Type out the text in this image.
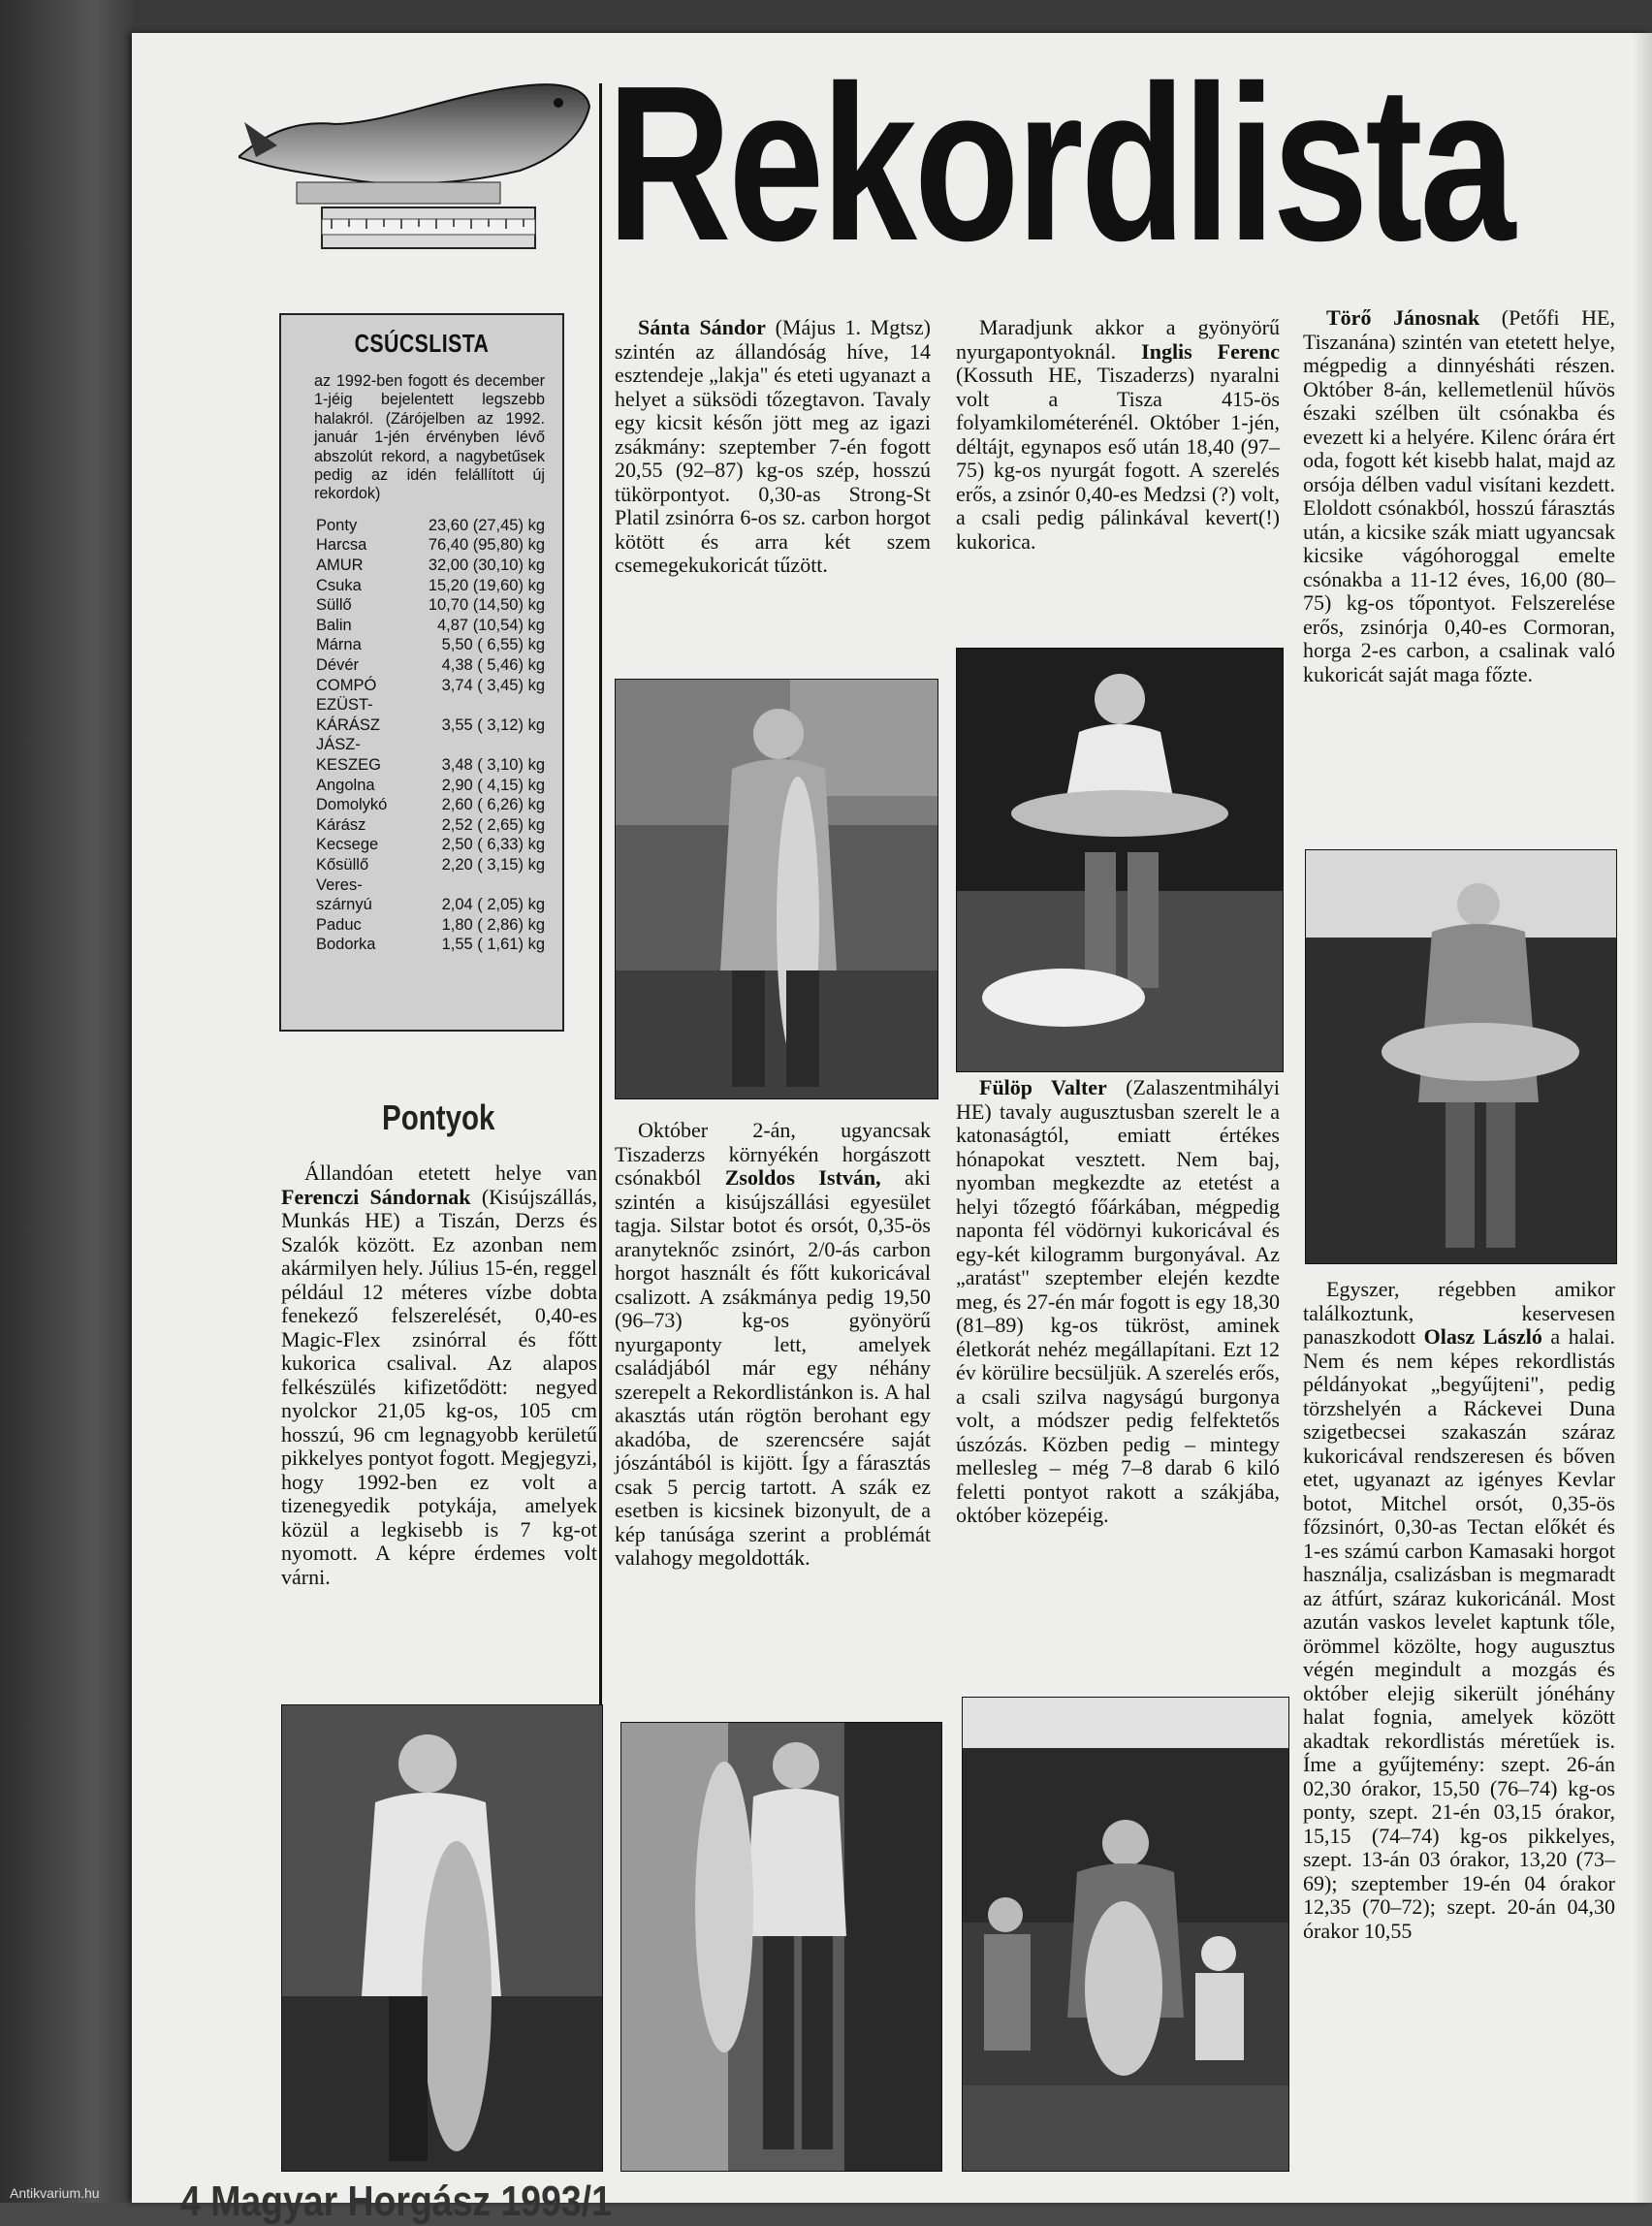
Rekordlista
CSÚCSLISTA
az 1992-ben fogott és december 1-jéig bejelentett legszebb halakról. (Zárójelben az 1992. január 1-jén érvényben lévő abszolút rekord, a nagybetűsek pedig az idén felállított új rekordok)
Ponty	23,60 (27,45) kg
Harcsa	76,40 (95,80) kg
AMUR	32,00 (30,10) kg
Csuka	15,20 (19,60) kg
Süllő	10,70 (14,50) kg
Balin	4,87 (10,54) kg
Márna	5,50 ( 6,55) kg
Dévér	4,38 ( 5,46) kg
COMPÓ	3,74 ( 3,45) kg
EZÜST-
KÁRÁSZ	3,55 ( 3,12) kg
JÁSZ-
KESZEG	3,48 ( 3,10) kg
Angolna	2,90 ( 4,15) kg
Domolykó	2,60 ( 6,26) kg
Kárász	2,52 ( 2,65) kg
Kecsege	2,50 ( 6,33) kg
Kősüllő	2,20 ( 3,15) kg
Veres-
szárnyú	2,04 ( 2,05) kg
Paduc	1,80 ( 2,86) kg
Bodorka	1,55 ( 1,61) kg
Pontyok

Állandóan etetett helye van Ferenczi Sándornak (Kisújszállás, Munkás HE) a Tiszán, Derzs és Szalók között. Ez azonban nem akármilyen hely. Július 15-én, reggel például 12 méteres vízbe dobta fenekező felszerelését, 0,40-es Magic-Flex zsinórral és főtt kukorica csalival. Az alapos felkészülés kifizetődött: negyed nyolckor 21,05 kg-os, 105 cm hosszú, 96 cm legnagyobb kerületű pikkelyes pontyot fogott. Megjegyzi, hogy 1992-ben ez volt a tizenegyedik potykája, amelyek közül a legkisebb is 7 kg-ot nyomott. A képre érdemes volt várni.

Sánta Sándor (Május 1. Mgtsz) szintén az állandóság híve, 14 esztendeje „lakja" és eteti ugyanazt a helyet a süksödi tőzegtavon. Tavaly egy kicsit későn jött meg az igazi zsákmány: szeptember 7-én fogott 20,55 (92–87) kg-os szép, hosszú tükörpontyot. 0,30-as Strong-St Platil zsinórra 6-os sz. carbon horgot kötött és arra két szem csemegekukoricát tűzött.

Október 2-án, ugyancsak Tiszaderzs környékén horgászott csónakból Zsoldos István, aki szintén a kisújszállási egyesület tagja. Silstar botot és orsót, 0,35-ös aranyteknőc zsinórt, 2/0-ás carbon horgot használt és főtt kukoricával csalizott. A zsákmánya pedig 19,50 (96–73) kg-os gyönyörű nyurgaponty lett, amelyek családjából már egy néhány szerepelt a Rekordlistánkon is. A hal akasztás után rögtön berohant egy akadóba, de szerencsére saját jószántából is kijött. Így a fárasztás csak 5 percig tartott. A szák ez esetben is kicsinek bizonyult, de a kép tanúsága szerint a problémát valahogy megoldották.

Maradjunk akkor a gyönyörű nyurgapontyoknál. Inglis Ferenc (Kossuth HE, Tiszaderzs) nyaralni volt a Tisza 415-ös folyamkilométerénél. Október 1-jén, déltájt, egynapos eső után 18,40 (97–75) kg-os nyurgát fogott. A szerelés erős, a zsinór 0,40-es Medzsi (?) volt, a csali pedig pálinkával kevert(!) kukorica.

Fülöp Valter (Zalaszentmihályi HE) tavaly augusztusban szerelt le a katonaságtól, emiatt értékes hónapokat vesztett. Nem baj, nyomban megkezdte az etetést a helyi tőzegtó főárkában, mégpedig naponta fél vödörnyi kukoricával és egy-két kilogramm burgonyával. Az „aratást" szeptember elején kezdte meg, és 27-én már fogott is egy 18,30 (81–89) kg-os tükröst, aminek életkorát nehéz megállapítani. Ezt 12 év körülire becsüljük. A szerelés erős, a csali szilva nagyságú burgonya volt, a módszer pedig felfektetős úszózás. Közben pedig – mintegy mellesleg – még 7–8 darab 6 kiló feletti pontyot rakott a szákjába, október közepéig.

Törő Jánosnak (Petőfi HE, Tiszanána) szintén van etetett helye, mégpedig a dinnyésháti részen. Október 8-án, kellemetlenül hűvös északi szélben ült csónakba és evezett ki a helyére. Kilenc órára ért oda, fogott két kisebb halat, majd az orsója délben vadul visítani kezdett. Eloldott csónakból, hosszú fárasztás után, a kicsike szák miatt ugyancsak kicsike vágóhoroggal emelte csónakba a 11-12 éves, 16,00 (80–75) kg-os tőpontyot. Felszerelése erős, zsinórja 0,40-es Cormoran, horga 2-es carbon, a csalinak való kukoricát saját maga főzte.

Egyszer, régebben amikor találkoztunk, keservesen panaszkodott Olasz László a halai. Nem és nem képes rekordlistás példányokat „begyűjteni", pedig törzshelyén a Ráckevei Duna szigetbecsei szakaszán száraz kukoricával rendszeresen és bőven etet, ugyanazt az igényes Kevlar botot, Mitchel orsót, 0,35-ös főzsinórt, 0,30-as Tectan előkét és 1-es számú carbon Kamasaki horgot használja, csalizásban is megmaradt az átfúrt, száraz kukoricánál. Most azután vaskos levelet kaptunk tőle, örömmel közölte, hogy augusztus végén megindult a mozgás és október elejig sikerült jónéhány halat fognia, amelyek között akadtak rekordlistás méretűek is. Íme a gyűjtemény: szept. 26-án 02,30 órakor, 15,50 (76–74) kg-os ponty, szept. 21-én 03,15 órakor, 15,15 (74–74) kg-os pikkelyes, szept. 13-án 03 órakor, 13,20 (73–69); szeptember 19-én 04 órakor 12,35 (70–72); szept. 20-án 04,30 órakor 10,55

4 Magyar Horgász 1993/1
Antikvarium.hu
